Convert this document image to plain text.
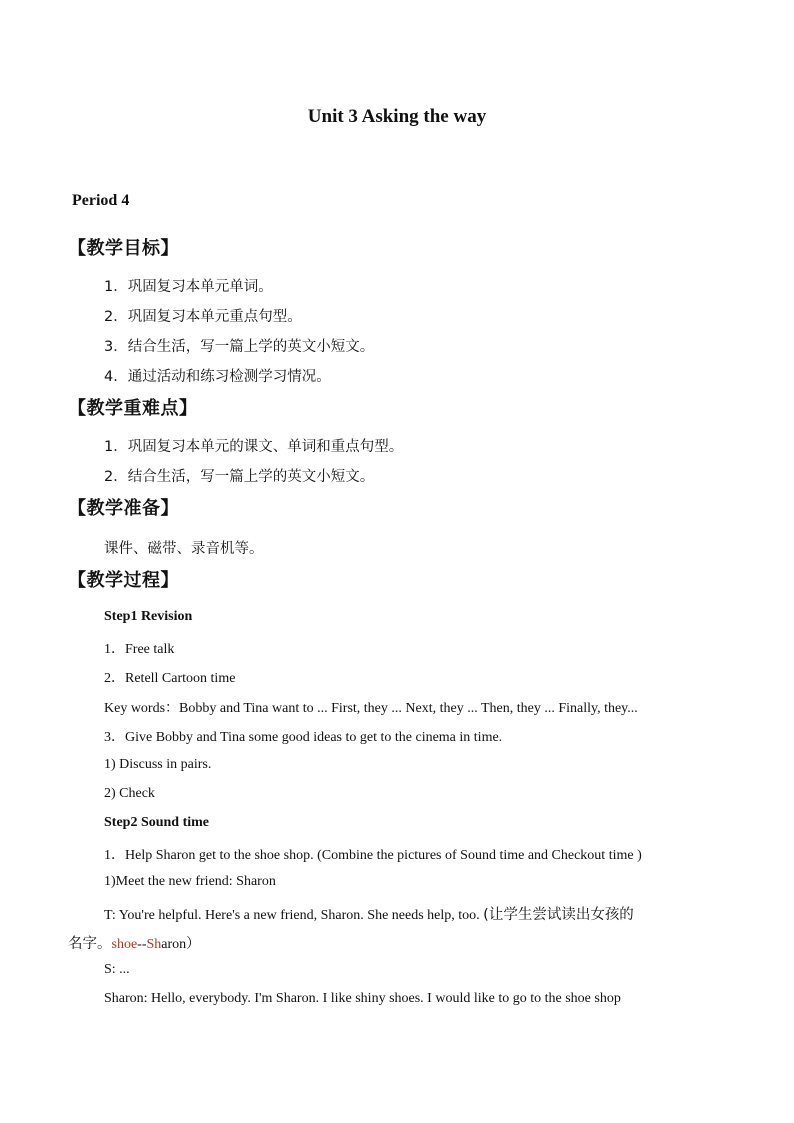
Unit 3 Asking the way
Period 4
【教学目标】
1．巩固复习本单元单词。
2．巩固复习本单元重点句型。
3．结合生活，写一篇上学的英文小短文。
4．通过活动和练习检测学习情况。
【教学重难点】
1．巩固复习本单元的课文、单词和重点句型。
2．结合生活，写一篇上学的英文小短文。
【教学准备】
课件、磁带、录音机等。
【教学过程】
Step1 Revision
1．Free talk
2．Retell Cartoon time
Key words：Bobby and Tina want to ... First, they ... Next, they ... Then, they ... Finally, they...
3．Give Bobby and Tina some good ideas to get to the cinema in time.
1) Discuss in pairs.
2) Check
Step2 Sound time
1．Help Sharon get to the shoe shop. (Combine the pictures of Sound time and Checkout time )
1)Meet the new friend: Sharon
T: You're helpful. Here's a new friend, Sharon. She needs help, too. (让学生尝试读出女孩的
名字。shoe--Sharon）
S: ...
Sharon: Hello, everybody. I'm Sharon. I like shiny shoes. I would like to go to the shoe shop
